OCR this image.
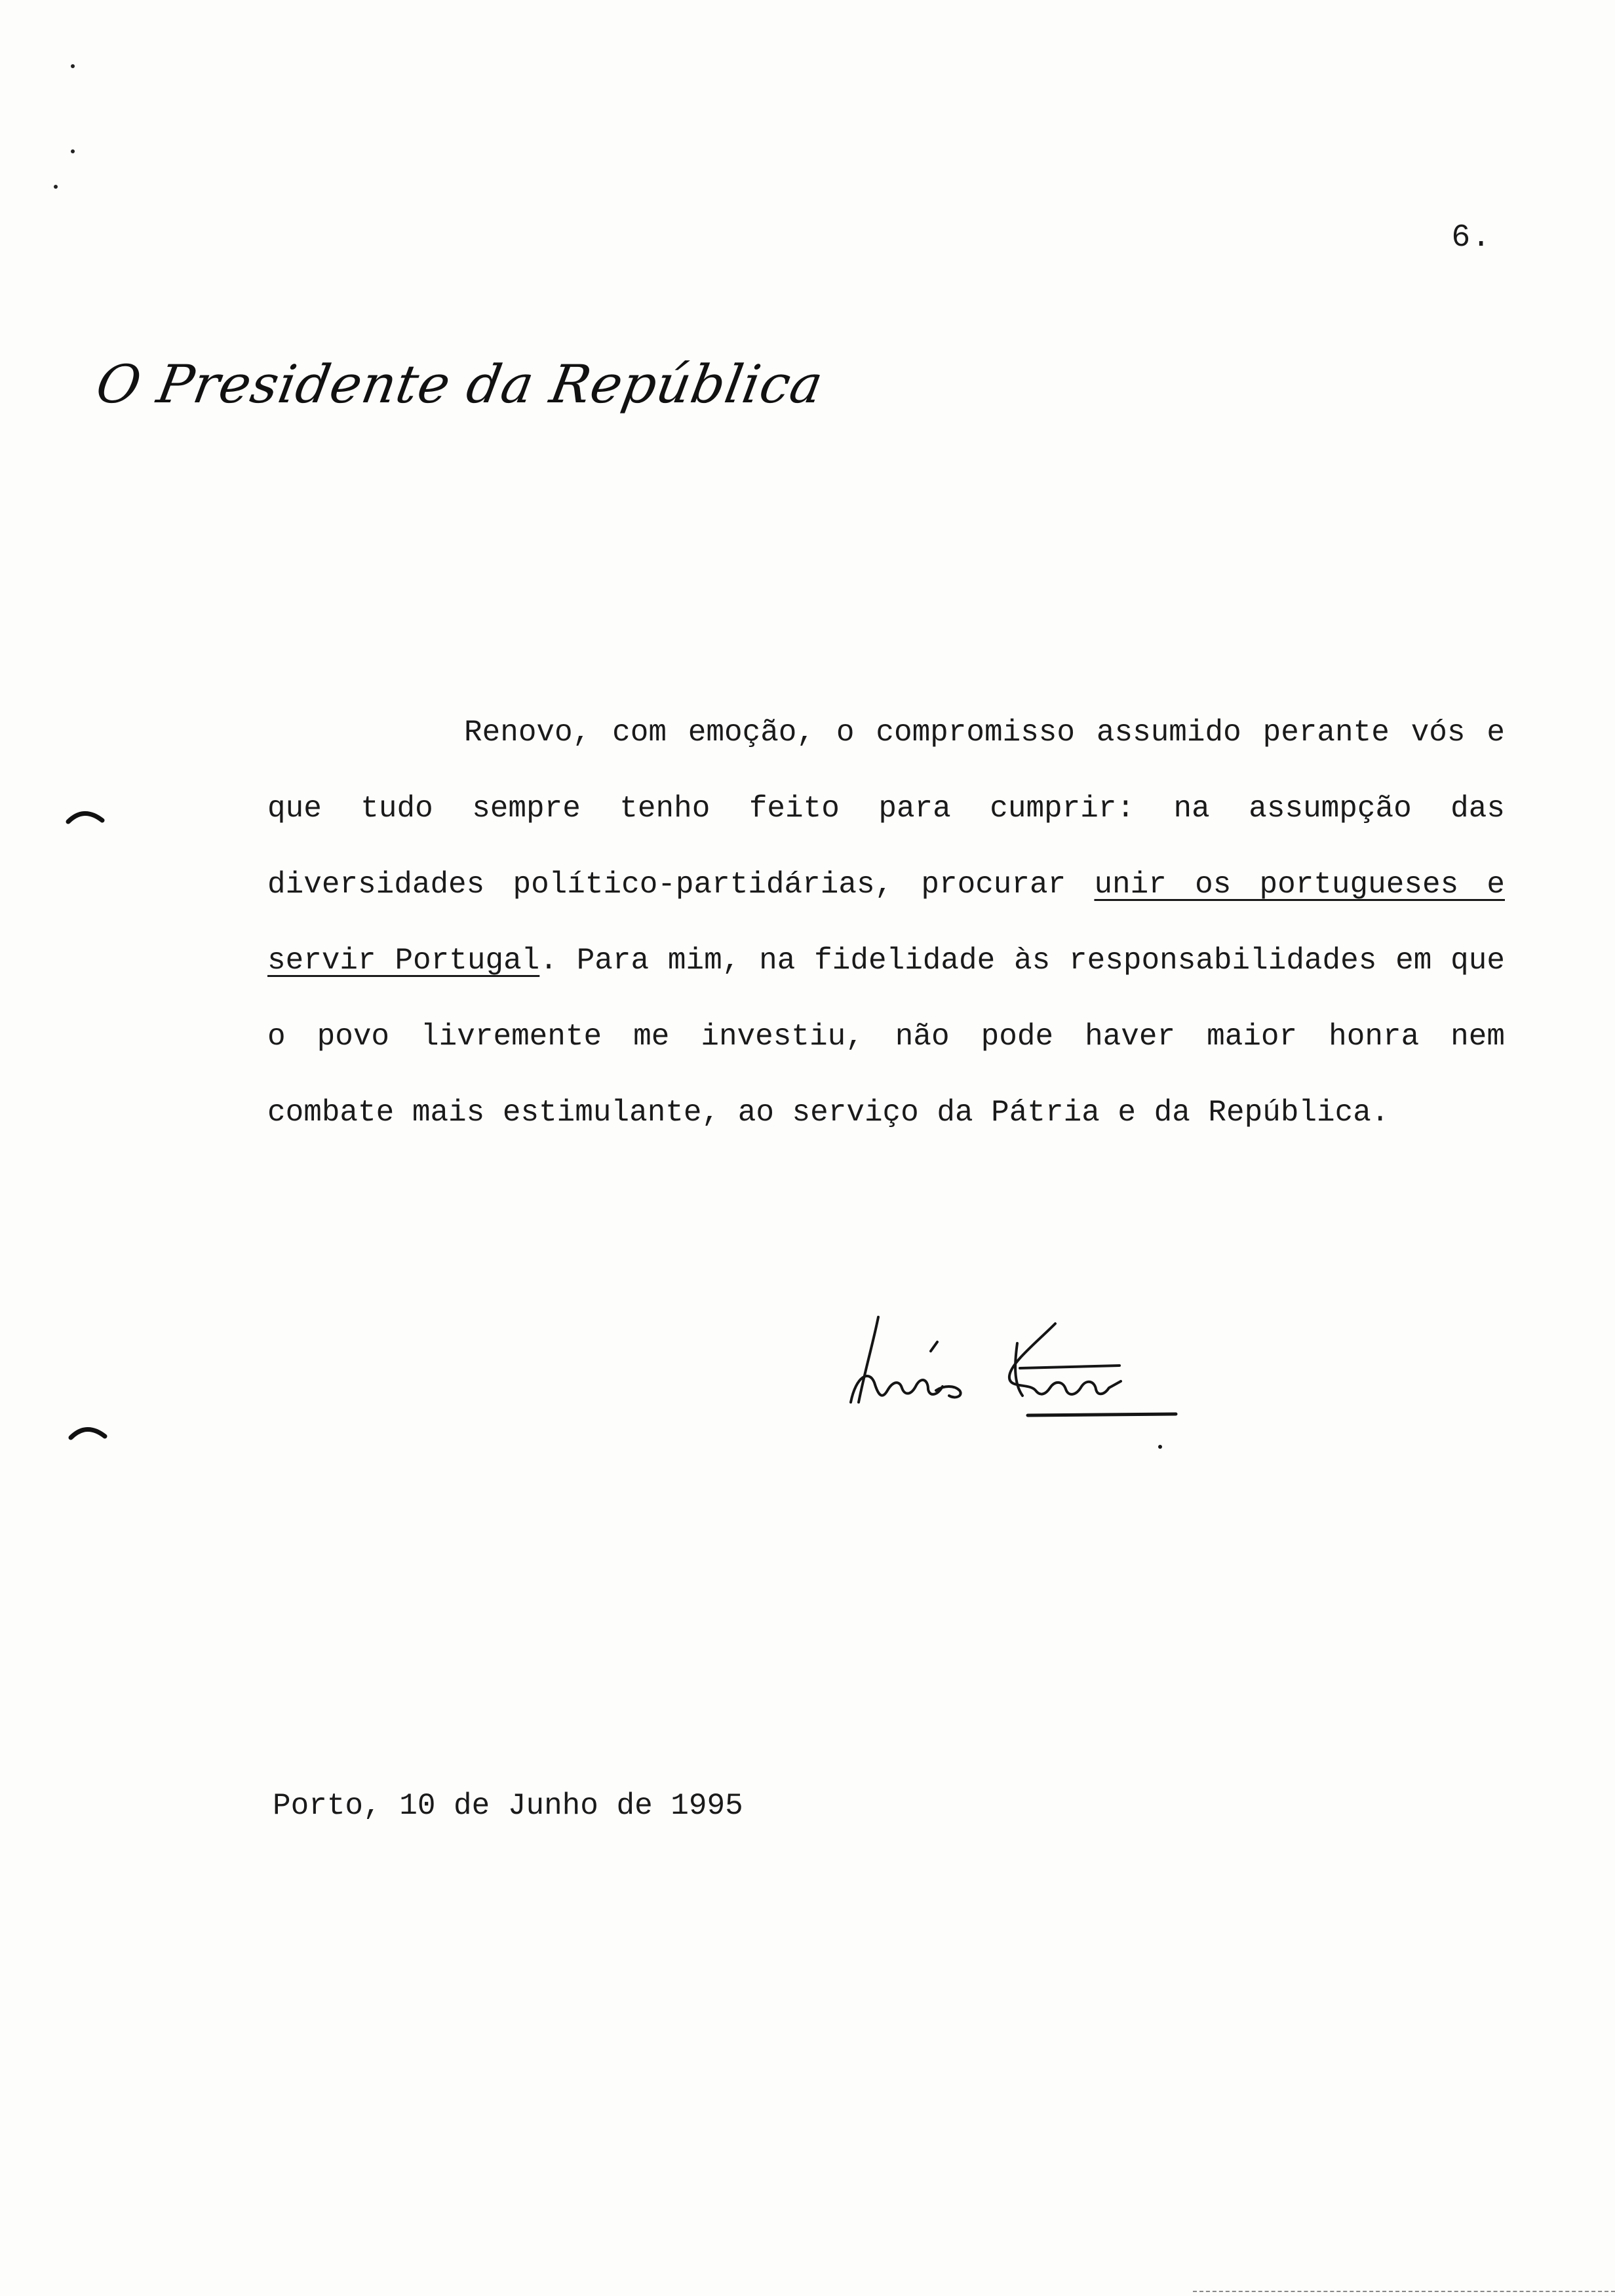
6.
O Presidente da República

Renovo, com emoção, o compromisso assumido perante vós e que tudo sempre tenho feito para cumprir: na assumpção das diversidades político-partidárias, procurar unir os portugueses e servir Portugal. Para mim, na fidelidade às responsabilidades em que o povo livremente me investiu, não pode haver maior honra nem combate mais estimulante, ao serviço da Pátria e da República.

Porto, 10 de Junho de 1995
